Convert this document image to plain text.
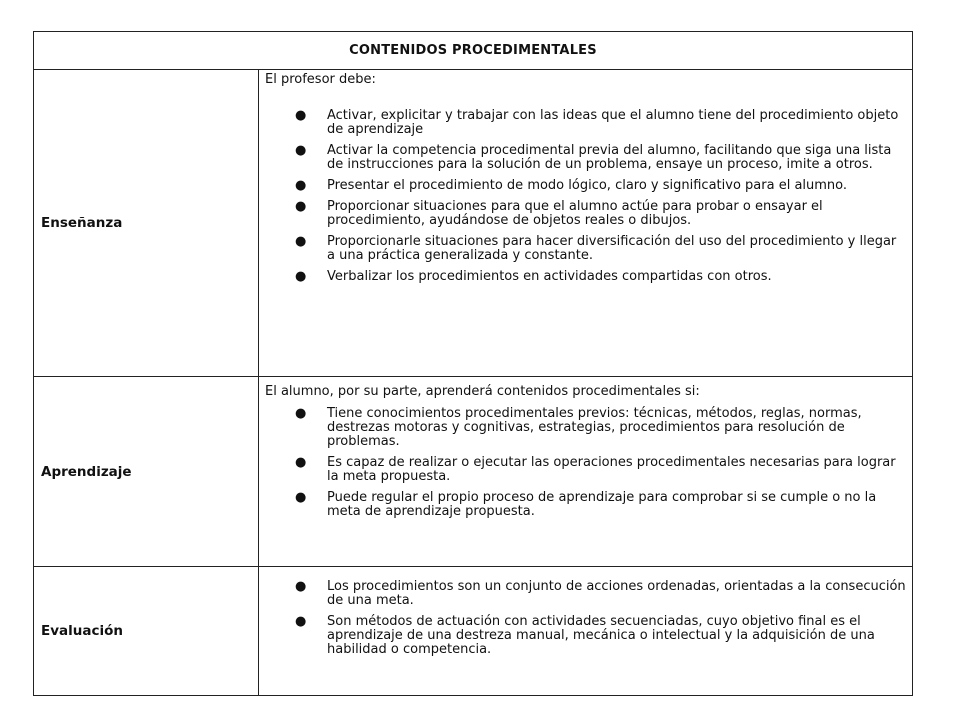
CONTENIDOS PROCEDIMENTALES
Enseñanza

El profesor debe:

● Activar, explicitar y trabajar con las ideas que el alumno tiene del procedimiento objeto de aprendizaje
● Activar la competencia procedimental previa del alumno, facilitando que siga una lista de instrucciones para la solución de un problema, ensaye un proceso, imite a otros.
● Presentar el procedimiento de modo lógico, claro y significativo para el alumno.
● Proporcionar situaciones para que el alumno actúe para probar o ensayar el procedimiento, ayudándose de objetos reales o dibujos.
● Proporcionarle situaciones para hacer diversificación del uso del procedimiento y llegar a una práctica generalizada y constante.
● Verbalizar los procedimientos en actividades compartidas con otros.
Aprendizaje

El alumno, por su parte, aprenderá contenidos procedimentales si:

● Tiene conocimientos procedimentales previos: técnicas, métodos, reglas, normas, destrezas motoras y cognitivas, estrategias, procedimientos para resolución de problemas.
● Es capaz de realizar o ejecutar las operaciones procedimentales necesarias para lograr la meta propuesta.
● Puede regular el propio proceso de aprendizaje para comprobar si se cumple o no la meta de aprendizaje propuesta.
Evaluación
● Los procedimientos son un conjunto de acciones ordenadas, orientadas a la consecución de una meta.
● Son métodos de actuación con actividades secuenciadas, cuyo objetivo final es el aprendizaje de una destreza manual, mecánica o intelectual y la adquisición de una habilidad o competencia.
